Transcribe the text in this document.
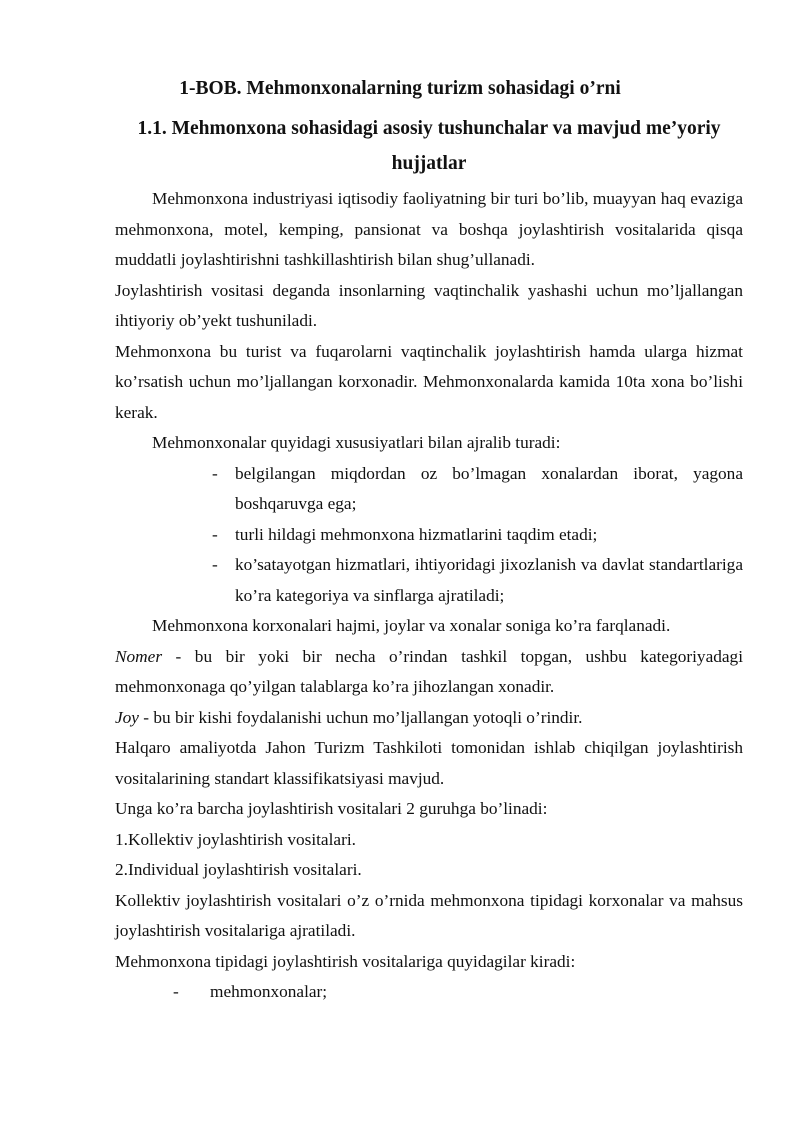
1-BOB. Mehmonxonalarning turizm sohasidagi o’rni
1.1. Mehmonxona sohasidagi asosiy tushunchalar va mavjud me’yoriy hujjatlar

Mehmonxona industriyasi iqtisodiy faoliyatning bir turi bo’lib, muayyan haq evaziga mehmonxona, motel, kemping, pansionat va boshqa joylashtirish vositalarida qisqa muddatli joylashtirishni tashkillashtirish bilan shug’ullanadi.

Joylashtirish vositasi deganda insonlarning vaqtinchalik yashashi uchun mo’ljallangan ihtiyoriy ob’yekt tushuniladi.

Mehmonxona bu turist va fuqarolarni vaqtinchalik joylashtirish hamda ularga hizmat ko’rsatish uchun mo’ljallangan korxonadir. Mehmonxonalarda kamida 10ta xona bo’lishi kerak.

Mehmonxonalar quyidagi xususiyatlari bilan ajralib turadi:

- belgilangan miqdordan oz bo’lmagan xonalardan iborat, yagona boshqaruvga ega;
- turli hildagi mehmonxona hizmatlarini taqdim etadi;
- ko’satayotgan hizmatlari, ihtiyoridagi jixozlanish va davlat standartlariga ko’ra kategoriya va sinflarga ajratiladi;

Mehmonxona korxonalari hajmi, joylar va xonalar soniga ko’ra farqlanadi.

Nomer - bu bir yoki bir necha o’rindan tashkil topgan, ushbu kategoriyadagi mehmonxonaga qo’yilgan talablarga ko’ra jihozlangan xonadir.

Joy - bu bir kishi foydalanishi uchun mo’ljallangan yotoqli o’rindir.

Halqaro amaliyotda Jahon Turizm Tashkiloti tomonidan ishlab chiqilgan joylashtirish vositalarining standart klassifikatsiyasi mavjud.

Unga ko’ra barcha joylashtirish vositalari 2 guruhga bo’linadi:

1.Kollektiv joylashtirish vositalari.

2.Individual joylashtirish vositalari.

Kollektiv joylashtirish vositalari o’z o’rnida mehmonxona tipidagi korxonalar va mahsus joylashtirish vositalariga ajratiladi.

Mehmonxona tipidagi joylashtirish vositalariga quyidagilar kiradi:

- mehmonxonalar;
